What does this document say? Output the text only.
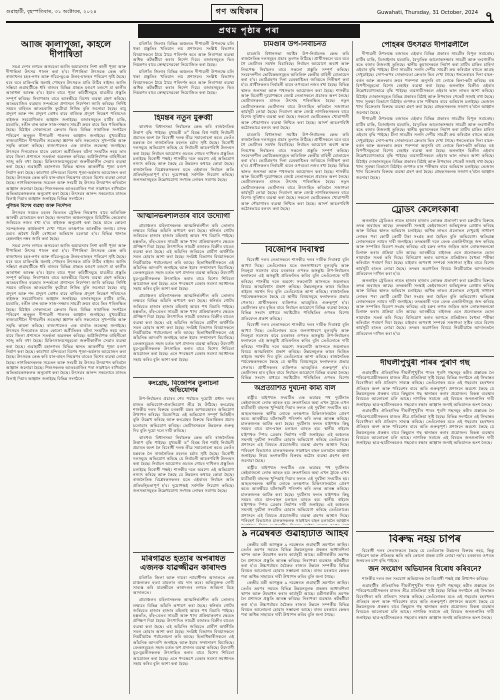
গুৱাহাটী, বৃহস্পতিবাৰ, ৩১ অক্টোবৰ, ২০২৪	গণ অধিকাৰ	Guwahati, Thursday, 31 October, 2024 ৭
প্ৰথম পৃষ্ঠাৰ পৰা

আজি কালীপূজা, কাইলৈ দীপান্বিতা

সমগ্ৰ দেশৰ লগতে অসমতো আজি অমাৱস্যাৰ নিশা কালী পূজা আৰু দীপান্বিতা উৎসৱ পালন কৰা হ'ব। দীপান্বিতা উৎসৱক কেন্দ্ৰ কৰি ৰাজ্যখনৰ চহৰ-নগৰ আৰু গাঁৱে-ভূঞে উলহ-মালহৰ পৰিৱেশ সৃষ্টি হৈছে। ঘৰে ঘৰে চাকি-বন্তি জ্বলাই পোহৰৰ উৎসৱত মাতি উঠিব ৰাইজ। আজি সন্ধিয়া গুৱাহাটীকে ধৰি ৰাজ্যৰ বিভিন্ন প্ৰান্তত মণ্ডপে মণ্ডপে মা কালীৰ আৰাধনা আৰম্ভ হ'ব। ইয়াৰ বাবে পূজা কমিটীসমূহে যাৱতীয় প্ৰস্তুতি সম্পূৰ্ণ কৰিছে। নিৰাপত্তাৰ বাবে আৰক্ষীয়ে বিশেষ ব্যৱস্থা গ্ৰহণ কৰিছে। আতচবাজিৰ ব্যৱহাৰ সন্দৰ্ভতো প্ৰশাসনে নিৰ্দেশনা জাৰি কৰিছে। নিৰ্দিষ্ট সময়ৰ বাহিৰত আতচবাজি ফুটোৱা নিষিদ্ধ বুলি জনোৱা হৈছে। বায়ু প্ৰদূষণ আৰু শব্দ প্ৰদূষণ ৰোধৰ বাবে ৰাজ্যিক প্ৰদূষণ নিয়ন্ত্ৰণ পৰিষদেও ৰাইজক সহযোগিতাৰ আহ্বান জনাইছে। বজাৰসমূহত মাটিৰ চাকি, মমবাতি, ৰঙীন বাল্ব আৰু সাজ-সজ্জাৰ সামগ্ৰী ক্ৰয়ৰ বাবে ভিৰ পৰিলক্ষিত হৈছে। মিঠাইৰ দোকানতো ক্ৰেতাৰ ভিৰ। বিভিন্ন সামাজিক সংগঠনে পৰিৱেশ অনুকূল দীপাৱলী পালনৰ আহ্বান জনাইছে। মুখ্যমন্ত্ৰীয়ে ৰাজ্যবাসীলৈ দীপাৱলীৰ শুভেচ্ছা জ্ঞাপন কৰি সকলোৰে সুখ-শান্তি আৰু সমৃদ্ধি কামনা কৰিছে। ৰাজ্যপালেও এক বাৰ্তাত শুভেচ্ছা জনাইছে। উৎসৱৰ দিনবোৰত যাতে কোনো অপ্ৰীতিকৰ ঘটনা সংঘটিত নহয় তাৰ বাবে জিলা প্ৰশাসনে সতৰ্কতা অৱলম্বন কৰিছে। অগ্নিনিৰ্বাপক বাহিনীকো সাজু কৰি ৰখা হৈছে। চিকিৎসালয়সমূহতো জৰুৰীকালীন সেৱাৰ ব্যৱস্থা কৰা হৈছে। গুৱাহাটী মহানগৰৰ বিভিন্ন স্থানত আকৰ্ষণীয় পূজা মণ্ডপ নিৰ্মাণ কৰা হৈছে। কামাখ্যা মন্দিৰতো বিশেষ পূজা-অৰ্চনাৰ আয়োজন কৰা হৈছে। উৎসৱক কেন্দ্ৰ কৰি যান-বাহন নিয়ন্ত্ৰণৰ বাবেও বিশেষ ব্যৱস্থা লোৱা হৈছে। নাগৰিকসকলক সচেতন আৰু সংযমী হৈ উৎসৱ উদযাপন কৰিবলৈ আহ্বান জনোৱা হৈছে। শিশুসকলক আতচবাজিৰ পৰা সাৱধানে ৰাখিবলৈ অভিভাৱকসকলক অনুৰোধ কৰা হৈছে। উৎসৱৰ আনন্দ সকলোৰে মাজত বিলাই দিয়াৰ আহ্বান জনাইছে বিভিন্ন সংগঠনে।

পুলিচৰ বিশেষ ব্যৱস্থা আৰু নিৰ্দেশনা

উৎসৱৰ সময়ত চহৰৰ ভিতৰত ট্ৰেফিক নিয়ন্ত্ৰণৰ বাবে অতিৰিক্ত আৰক্ষী মোতায়েন কৰা হৈছে। জনবহুল অঞ্চলসমূহত চিচিটিভি কেমেৰাৰ জৰিয়তে নজৰ ৰখা হ'ব। ৰাইজক অনুৰোধ কৰা হৈছে যাতে কোনো সন্দেহজনক কাৰ্যকলাপ দেখা পালে তৎক্ষণাত আৰক্ষীক জনায়। মাদক দ্ৰব্যৰ অবৈধ বিক্ৰী ৰোধতো অভিযান চলোৱা হ'ব। বিভিন্ন থানাত হেল্পলাইন নম্বৰ জাৰি কৰা হৈছে।

সমগ্ৰ দেশৰ লগতে অসমতো আজি অমাৱস্যাৰ নিশা কালী পূজা আৰু দীপান্বিতা উৎসৱ পালন কৰা হ'ব। দীপান্বিতা উৎসৱক কেন্দ্ৰ কৰি ৰাজ্যখনৰ চহৰ-নগৰ আৰু গাঁৱে-ভূঞে উলহ-মালহৰ পৰিৱেশ সৃষ্টি হৈছে। ঘৰে ঘৰে চাকি-বন্তি জ্বলাই পোহৰৰ উৎসৱত মাতি উঠিব ৰাইজ। আজি সন্ধিয়া গুৱাহাটীকে ধৰি ৰাজ্যৰ বিভিন্ন প্ৰান্তত মণ্ডপে মণ্ডপে মা কালীৰ আৰাধনা আৰম্ভ হ'ব। ইয়াৰ বাবে পূজা কমিটীসমূহে যাৱতীয় প্ৰস্তুতি সম্পূৰ্ণ কৰিছে। নিৰাপত্তাৰ বাবে আৰক্ষীয়ে বিশেষ ব্যৱস্থা গ্ৰহণ কৰিছে। আতচবাজিৰ ব্যৱহাৰ সন্দৰ্ভতো প্ৰশাসনে নিৰ্দেশনা জাৰি কৰিছে। নিৰ্দিষ্ট সময়ৰ বাহিৰত আতচবাজি ফুটোৱা নিষিদ্ধ বুলি জনোৱা হৈছে। বায়ু প্ৰদূষণ আৰু শব্দ প্ৰদূষণ ৰোধৰ বাবে ৰাজ্যিক প্ৰদূষণ নিয়ন্ত্ৰণ পৰিষদেও ৰাইজক সহযোগিতাৰ আহ্বান জনাইছে। বজাৰসমূহত মাটিৰ চাকি, মমবাতি, ৰঙীন বাল্ব আৰু সাজ-সজ্জাৰ সামগ্ৰী ক্ৰয়ৰ বাবে ভিৰ পৰিলক্ষিত হৈছে। মিঠাইৰ দোকানতো ক্ৰেতাৰ ভিৰ। বিভিন্ন সামাজিক সংগঠনে পৰিৱেশ অনুকূল দীপাৱলী পালনৰ আহ্বান জনাইছে। মুখ্যমন্ত্ৰীয়ে ৰাজ্যবাসীলৈ দীপাৱলীৰ শুভেচ্ছা জ্ঞাপন কৰি সকলোৰে সুখ-শান্তি আৰু সমৃদ্ধি কামনা কৰিছে। ৰাজ্যপালেও এক বাৰ্তাত শুভেচ্ছা জনাইছে। উৎসৱৰ দিনবোৰত যাতে কোনো অপ্ৰীতিকৰ ঘটনা সংঘটিত নহয় তাৰ বাবে জিলা প্ৰশাসনে সতৰ্কতা অৱলম্বন কৰিছে। অগ্নিনিৰ্বাপক বাহিনীকো সাজু কৰি ৰখা হৈছে। চিকিৎসালয়সমূহতো জৰুৰীকালীন সেৱাৰ ব্যৱস্থা কৰা হৈছে। গুৱাহাটী মহানগৰৰ বিভিন্ন স্থানত আকৰ্ষণীয় পূজা মণ্ডপ নিৰ্মাণ কৰা হৈছে। কামাখ্যা মন্দিৰতো বিশেষ পূজা-অৰ্চনাৰ আয়োজন কৰা হৈছে। উৎসৱক কেন্দ্ৰ কৰি যান-বাহন নিয়ন্ত্ৰণৰ বাবেও বিশেষ ব্যৱস্থা লোৱা হৈছে। নাগৰিকসকলক সচেতন আৰু সংযমী হৈ উৎসৱ উদযাপন কৰিবলৈ আহ্বান জনোৱা হৈছে। শিশুসকলক আতচবাজিৰ পৰা সাৱধানে ৰাখিবলৈ অভিভাৱকসকলক অনুৰোধ কৰা হৈছে। উৎসৱৰ আনন্দ সকলোৰে মাজত বিলাই দিয়াৰ আহ্বান জনাইছে বিভিন্ন সংগঠনে।

মৰিগাঁও জিলাৰ বিভিন্ন অঞ্চলত দীপাৱলী উপলক্ষে চলি থকা প্ৰস্তুতিৰ খতিয়ান লয় প্ৰশাসনে। সংশ্লিষ্ট বিভাগৰ বিষয়াসকলে ঠায়ে ঠায়ে পৰিদৰ্শন কৰে আৰু নিৰাপত্তা ব্যৱস্থা অধিক কটকটীয়া কৰাৰ নিৰ্দেশ দিয়ে। বজাৰসমূহত ভিৰ নিয়ন্ত্ৰণৰ বাবে স্বেচ্ছাসেৱকো নিয়োজিত কৰা হৈছে।

মৰিগাঁও জিলাৰ বিভিন্ন অঞ্চলত দীপাৱলী উপলক্ষে চলি থকা প্ৰস্তুতিৰ খতিয়ান লয় প্ৰশাসনে। সংশ্লিষ্ট বিভাগৰ বিষয়াসকলে ঠায়ে ঠায়ে পৰিদৰ্শন কৰে আৰু নিৰাপত্তা ব্যৱস্থা অধিক কটকটীয়া কৰাৰ নিৰ্দেশ দিয়ে। বজাৰসমূহত ভিৰ নিয়ন্ত্ৰণৰ বাবে স্বেচ্ছাসেৱকো নিয়োজিত কৰা হৈছে।

হিমন্তৰ নতুন মুৰুব্বী

ঝাৰখণ্ড বিধানসভা নিৰ্বাচনক কেন্দ্ৰ কৰি ৰাজনৈতিক উত্তাপ বৃদ্ধি পাইছে। মুখ্যমন্ত্ৰী ড° হিমন্ত বিশ্ব শৰ্মাই নিৰ্বাচনী প্ৰচাৰত অংশ লৈ বিৰোধী দলক তীব্ৰ সমালোচনা কৰে। তেওঁৰ মন্তব্যক লৈ ৰাজনৈতিক মহলত চৰ্চাৰ সৃষ্টি হৈছে। বিৰোধী দলসমূহে অভিযোগ কৰিছে যে নিৰ্বাচনী আচৰণবিধি উলংঘন কৰা হৈছে। নিৰ্বাচন আয়োগৰ ওচৰত গোচৰ দাখিলৰ প্ৰস্তুতিও চলাইছে বিৰোধী পক্ষই। শাসকীয় দলে অৱশ্যে এই অভিযোগ নস্যাৎ কৰিছে আৰু কৈছে যে উন্নয়নৰ কথাহে কোৱা হৈছে। ৰাজনৈতিক বিশ্লেষকসকলৰ মতে এইবাৰৰ নিৰ্বাচন অতি প্ৰতিদ্বন্দ্বিতাপূৰ্ণ হ'ব। দুয়োপক্ষই সৰ্বশক্তি নিয়োগ কৰিছে। জনসভাসমূহত উল্লেখযোগ্য সংখ্যক লোকৰ সমাগম হৈছে।

আত্মনিৰ্ভৰশীলতাৰ বাবে উদ্যোগী

গ্ৰামাঞ্চলৰ মহিলাসকলক আত্মনিৰ্ভৰশীল কৰি তোলাৰ লক্ষ্যৰে বিভিন্ন আঁচনি ৰূপায়ণ কৰা হৈছে। স্বনিৰ্ভৰ গোটৰ জৰিয়তে হাজাৰ হাজাৰ মহিলাই আয়ৰ পথ বিচাৰি পাইছে। হস্ততাঁত, বাঁহ-বেতৰ সামগ্ৰী আৰু খাদ্য প্ৰক্ৰিয়াকৰণৰ ক্ষেত্ৰত প্ৰশিক্ষণ দিয়া হৈছে। উৎপাদিত সামগ্ৰী বজাৰত বিক্ৰীৰ বাবেও ব্যৱস্থা কৰা হৈছে। এই আঁচনিৰ জৰিয়তে গ্ৰামীণ অৰ্থনীতি সবল হোৱাৰ আশা কৰা হৈছে। সংশ্লিষ্ট বিভাগৰ বিষয়াসকলে নিয়মীয়াকৈ পৰ্যালোচনা কৰি আছে। হিতাধিকাৰীসকলে এই আঁচনিক আদৰণি জনাইছে আৰু ইয়াৰ সম্প্ৰসাৰণ বিচাৰিছে। বেংকসমূহেও সহজ চৰ্তত ঋণ প্ৰদানৰ ব্যৱস্থা কৰিছে। উদ্যোগী যুৱ-যুৱতীসকলক উৎসাহিত কৰাৰ বাবে বিশেষ শিবিৰো আয়োজন কৰা হৈছে। এনে পদক্ষেপে বেকাৰ সমস্যা সমাধানত সহায় কৰিব বুলি আশা কৰা হৈছে।

গ্ৰামাঞ্চলৰ মহিলাসকলক আত্মনিৰ্ভৰশীল কৰি তোলাৰ লক্ষ্যৰে বিভিন্ন আঁচনি ৰূপায়ণ কৰা হৈছে। স্বনিৰ্ভৰ গোটৰ জৰিয়তে হাজাৰ হাজাৰ মহিলাই আয়ৰ পথ বিচাৰি পাইছে। হস্ততাঁত, বাঁহ-বেতৰ সামগ্ৰী আৰু খাদ্য প্ৰক্ৰিয়াকৰণৰ ক্ষেত্ৰত প্ৰশিক্ষণ দিয়া হৈছে। উৎপাদিত সামগ্ৰী বজাৰত বিক্ৰীৰ বাবেও ব্যৱস্থা কৰা হৈছে। এই আঁচনিৰ জৰিয়তে গ্ৰামীণ অৰ্থনীতি সবল হোৱাৰ আশা কৰা হৈছে। সংশ্লিষ্ট বিভাগৰ বিষয়াসকলে নিয়মীয়াকৈ পৰ্যালোচনা কৰি আছে। হিতাধিকাৰীসকলে এই আঁচনিক আদৰণি জনাইছে আৰু ইয়াৰ সম্প্ৰসাৰণ বিচাৰিছে। বেংকসমূহেও সহজ চৰ্তত ঋণ প্ৰদানৰ ব্যৱস্থা কৰিছে। উদ্যোগী যুৱ-যুৱতীসকলক উৎসাহিত কৰাৰ বাবে বিশেষ শিবিৰো আয়োজন কৰা হৈছে। এনে পদক্ষেপে বেকাৰ সমস্যা সমাধানত সহায় কৰিব বুলি আশা কৰা হৈছে।

কংগ্ৰেছ, বিজেপিৰ তুলাচনা অভিযোগৰ

উপ-নিৰ্বাচনৰ প্ৰচাৰৰ শেষ পৰ্যায়ত দুয়োটা প্ৰধান দলৰ মাজত অভিযোগ-প্ৰত্যভিযোগ তীব্ৰ হৈ উঠিছে। কংগ্ৰেছে শাসকীয় দলৰ বিৰুদ্ধে চৰকাৰী যন্ত্ৰৰ অপব্যৱহাৰৰ অভিযোগ উত্থাপন কৰিছে। বিজেপিয়ে এই অভিযোগ সম্পূৰ্ণ ভিত্তিহীন বুলি উল্লেখ কৰিছে আৰু কংগ্ৰেছৰ বিৰুদ্ধে বিভ্ৰান্তিকৰ প্ৰচাৰ চলোৱাৰ অভিযোগ কৰিছে। ভোটাৰসকলে উন্নয়নক গুৰুত্ব দিব বুলি দুয়ো দলে দাবী কৰিছে।

ঝাৰখণ্ড বিধানসভা নিৰ্বাচনক কেন্দ্ৰ কৰি ৰাজনৈতিক উত্তাপ বৃদ্ধি পাইছে। মুখ্যমন্ত্ৰী ড° হিমন্ত বিশ্ব শৰ্মাই নিৰ্বাচনী প্ৰচাৰত অংশ লৈ বিৰোধী দলক তীব্ৰ সমালোচনা কৰে। তেওঁৰ মন্তব্যক লৈ ৰাজনৈতিক মহলত চৰ্চাৰ সৃষ্টি হৈছে। বিৰোধী দলসমূহে অভিযোগ কৰিছে যে নিৰ্বাচনী আচৰণবিধি উলংঘন কৰা হৈছে। নিৰ্বাচন আয়োগৰ ওচৰত গোচৰ দাখিলৰ প্ৰস্তুতিও চলাইছে বিৰোধী পক্ষই। শাসকীয় দলে অৱশ্যে এই অভিযোগ নস্যাৎ কৰিছে আৰু কৈছে যে উন্নয়নৰ কথাহে কোৱা হৈছে। ৰাজনৈতিক বিশ্লেষকসকলৰ মতে এইবাৰৰ নিৰ্বাচন অতি প্ৰতিদ্বন্দ্বিতাপূৰ্ণ হ'ব। দুয়োপক্ষই সৰ্বশক্তি নিয়োগ কৰিছে। জনসভাসমূহত উল্লেখযোগ্য সংখ্যক লোকৰ সমাগম হৈছে।

মৰিগাঁৱত হত্যাৰ অপৰাধত এজনক যাৱজ্জীৱন কাৰাদণ্ড

মৰিগাঁও জিলা আৰু দায়ৰা ন্যায়াধীশৰ আদালতে এক চাঞ্চল্যকৰ হত্যা মামলাৰ ৰায় দান কৰে। অভিযুক্তক দোষী সাব্যস্ত কৰি যাৱজ্জীৱন কাৰাদণ্ডৰ লগতে জৰিমনা বিহে আদালতে।

গ্ৰামাঞ্চলৰ মহিলাসকলক আত্মনিৰ্ভৰশীল কৰি তোলাৰ লক্ষ্যৰে বিভিন্ন আঁচনি ৰূপায়ণ কৰা হৈছে। স্বনিৰ্ভৰ গোটৰ জৰিয়তে হাজাৰ হাজাৰ মহিলাই আয়ৰ পথ বিচাৰি পাইছে। হস্ততাঁত, বাঁহ-বেতৰ সামগ্ৰী আৰু খাদ্য প্ৰক্ৰিয়াকৰণৰ ক্ষেত্ৰত প্ৰশিক্ষণ দিয়া হৈছে। উৎপাদিত সামগ্ৰী বজাৰত বিক্ৰীৰ বাবেও ব্যৱস্থা কৰা হৈছে। এই আঁচনিৰ জৰিয়তে গ্ৰামীণ অৰ্থনীতি সবল হোৱাৰ আশা কৰা হৈছে। সংশ্লিষ্ট বিভাগৰ বিষয়াসকলে নিয়মীয়াকৈ পৰ্যালোচনা কৰি আছে। হিতাধিকাৰীসকলে এই আঁচনিক আদৰণি জনাইছে আৰু ইয়াৰ সম্প্ৰসাৰণ বিচাৰিছে। বেংকসমূহেও সহজ চৰ্তত ঋণ প্ৰদানৰ ব্যৱস্থা কৰিছে। উদ্যোগী যুৱ-যুৱতীসকলক উৎসাহিত কৰাৰ বাবে বিশেষ শিবিৰো আয়োজন কৰা হৈছে। এনে পদক্ষেপে বেকাৰ সমস্যা সমাধানত সহায় কৰিব বুলি আশা কৰা হৈছে।

চামগুৰি উপ-নিৰ্বাচনত

চামগুৰি বিধানসভা সমষ্টিৰ উপ-নিৰ্বাচনক কেন্দ্ৰ কৰি ৰাজনৈতিক দলসমূহৰ প্ৰচাৰ তুংগত উঠিছে। প্ৰাৰ্থীসকলে ঘৰে ঘৰে গৈ ভোটাৰৰ সমৰ্থন বিচাৰিছে। নিৰ্বাচন আয়োগে অবাধ আৰু নিৰপেক্ষ নিৰ্বাচনৰ বাবে সকলো প্ৰস্তুতি সম্পূৰ্ণ কৰিছে। সংবেদনশীল ভোটকেন্দ্ৰসমূহত অতিৰিক্ত কেন্দ্ৰীয় বাহিনী মোতায়েন কৰা হ'ব। ভোটগ্ৰহণৰ দিনা ৱেবকাষ্টিঙৰ জৰিয়তে নিৰীক্ষণ কৰা হ'ব। প্ৰাৰ্থীসকলৰ নিৰ্বাচনী ব্যয়ৰ ওপৰতো নজৰ ৰখা হৈছে। বিভিন্ন স্থানত জনসভা আৰু পথসভাৰ আয়োজন কৰা হৈছে। শাসকীয় আৰু বিৰোধী দুয়োপক্ষৰে জ্যেষ্ঠ নেতাসকলে প্ৰচাৰত অংশ লৈছে। ভোটাৰসকলৰ মাজত উৎসাহ পৰিলক্ষিত হৈছে। নতুন ভোটাৰসকলক ভোটদানৰ বাবে উৎসাহিত কৰিবলৈ সজাগতা কাৰ্যসূচী লোৱা হৈছে। দিব্যাংগ আৰু জ্যেষ্ঠ নাগৰিকসকলৰ বাবে বিশেষ সুবিধাৰ ব্যৱস্থা কৰা হৈছে। সকলো ভোটকেন্দ্ৰত খোৱাপানী আৰু শৌচাগাৰৰ ব্যৱস্থা নিশ্চিত কৰা হৈছে। আদৰ্শ আচৰণবিধি কঠোৰভাৱে বলবৎ কৰা হৈছে।

চামগুৰি বিধানসভা সমষ্টিৰ উপ-নিৰ্বাচনক কেন্দ্ৰ কৰি ৰাজনৈতিক দলসমূহৰ প্ৰচাৰ তুংগত উঠিছে। প্ৰাৰ্থীসকলে ঘৰে ঘৰে গৈ ভোটাৰৰ সমৰ্থন বিচাৰিছে। নিৰ্বাচন আয়োগে অবাধ আৰু নিৰপেক্ষ নিৰ্বাচনৰ বাবে সকলো প্ৰস্তুতি সম্পূৰ্ণ কৰিছে। সংবেদনশীল ভোটকেন্দ্ৰসমূহত অতিৰিক্ত কেন্দ্ৰীয় বাহিনী মোতায়েন কৰা হ'ব। ভোটগ্ৰহণৰ দিনা ৱেবকাষ্টিঙৰ জৰিয়তে নিৰীক্ষণ কৰা হ'ব। প্ৰাৰ্থীসকলৰ নিৰ্বাচনী ব্যয়ৰ ওপৰতো নজৰ ৰখা হৈছে। বিভিন্ন স্থানত জনসভা আৰু পথসভাৰ আয়োজন কৰা হৈছে। শাসকীয় আৰু বিৰোধী দুয়োপক্ষৰে জ্যেষ্ঠ নেতাসকলে প্ৰচাৰত অংশ লৈছে। ভোটাৰসকলৰ মাজত উৎসাহ পৰিলক্ষিত হৈছে। নতুন ভোটাৰসকলক ভোটদানৰ বাবে উৎসাহিত কৰিবলৈ সজাগতা কাৰ্যসূচী লোৱা হৈছে। দিব্যাংগ আৰু জ্যেষ্ঠ নাগৰিকসকলৰ বাবে বিশেষ সুবিধাৰ ব্যৱস্থা কৰা হৈছে। সকলো ভোটকেন্দ্ৰত খোৱাপানী আৰু শৌচাগাৰৰ ব্যৱস্থা নিশ্চিত কৰা হৈছে। আদৰ্শ আচৰণবিধি কঠোৰভাৱে বলবৎ কৰা হৈছে।

বিজেপিৰ দিবাস্বপ্ন

বিৰোধী দলৰ নেতাসকলে শাসকীয় দলৰ দাবীক দিবাস্বপ্ন বুলি আখ্যা দিছে। তেওঁলোকৰ মতে জনসাধাৰণে মূল্যবৃদ্ধি আৰু নিবনুৱা সমস্যাৰ বাবে চৰকাৰৰ ওপৰত অসন্তুষ্ট। উপ-নিৰ্বাচনৰ ফলাফলে এই অসন্তুষ্টি প্ৰতিফলিত কৰিব বুলি তেওঁলোকে দাবী কৰিছে। শাসকীয় দলে অৱশ্যে সকলোটা আসনতে জয়লাভৰ বিষয়ে আত্মবিশ্বাস প্ৰকাশ কৰিছে। উন্নয়নমূলক কামৰ ভিত্তিত ৰাইজে সমৰ্থন দিব বুলি তেওঁলোকে আশা কৰিছে। ৰাজনৈতিক পৰ্যবেক্ষকসকলে কৈছে যে স্থানীয় বিষয়সমূহে ফলাফলত প্ৰভাৱ পেলাব। প্ৰাৰ্থীসকলৰ ব্যক্তিগত ভাবমূৰ্তিও গুৰুত্বপূৰ্ণ হ'ব। ভোটদানৰ হাৰ বৃদ্ধিৰ বাবে নিৰ্বাচন আয়োগে বিভিন্ন ব্যৱস্থা লৈছে। বিভিন্ন সংবাদ মাধ্যমে সমষ্টিটোৰ পৰিস্থিতিৰ ওপৰত বিশেষ প্ৰতিবেদন প্ৰকাশ কৰিছে।

বিৰোধী দলৰ নেতাসকলে শাসকীয় দলৰ দাবীক দিবাস্বপ্ন বুলি আখ্যা দিছে। তেওঁলোকৰ মতে জনসাধাৰণে মূল্যবৃদ্ধি আৰু নিবনুৱা সমস্যাৰ বাবে চৰকাৰৰ ওপৰত অসন্তুষ্ট। উপ-নিৰ্বাচনৰ ফলাফলে এই অসন্তুষ্টি প্ৰতিফলিত কৰিব বুলি তেওঁলোকে দাবী কৰিছে। শাসকীয় দলে অৱশ্যে সকলোটা আসনতে জয়লাভৰ বিষয়ে আত্মবিশ্বাস প্ৰকাশ কৰিছে। উন্নয়নমূলক কামৰ ভিত্তিত ৰাইজে সমৰ্থন দিব বুলি তেওঁলোকে আশা কৰিছে। ৰাজনৈতিক পৰ্যবেক্ষকসকলে কৈছে যে স্থানীয় বিষয়সমূহে ফলাফলত প্ৰভাৱ পেলাব। প্ৰাৰ্থীসকলৰ ব্যক্তিগত ভাবমূৰ্তিও গুৰুত্বপূৰ্ণ হ'ব। ভোটদানৰ হাৰ বৃদ্ধিৰ বাবে নিৰ্বাচন আয়োগে বিভিন্ন ব্যৱস্থা লৈছে। বিভিন্ন সংবাদ মাধ্যমে সমষ্টিটোৰ পৰিস্থিতিৰ ওপৰত বিশেষ

অপ্ৰত্যাশিত দুৰ্ঘটনা কাম্য বলি

ৰাষ্ট্ৰীয় ঘাইপথত সংঘটিত এক ভয়াৱহ পথ দুৰ্ঘটনাত কেইবাজনো লোক আহত হয়। দ্ৰুতগতিৰে অহা এখন ট্ৰাকে এখন যাত্ৰীবাহী বাহনক খুন্দিয়াই দিয়াৰ ফলত এই দুৰ্ঘটনা সংঘটিত হয়। আহতসকলক স্থানীয় লোকে তৎক্ষণাত চিকিৎসালয়লৈ প্ৰেৰণ কৰে। আৰক্ষীয়ে ঘটনাস্থলী পৰিদৰ্শন কৰি তদন্ত আৰম্ভ কৰিছে। চালকজনক আটক কৰা হৈছে। দুৰ্ঘটনাৰ ফলত ঘাইপথত কিছু সময়ৰ বাবে যান-বাহন চলাচল ব্যাহত হয়। স্থানীয় ৰাইজে ঘাইপথত স্পিড ব্ৰেকাৰ নিৰ্মাণৰ দাবী জনাইছে। এই অঞ্চলত সঘনাই দুৰ্ঘটনা সংঘটিত হোৱাৰ অভিযোগ কৰিছে তেওঁলোকে। প্ৰশাসনে এই বিষয়ত প্ৰয়োজনীয় ব্যৱস্থা গ্ৰহণৰ আশ্বাস দিছে। পৰিবহণ বিভাগেও চালকসকলক সাৱধানে বাহন চলাবলৈ আহ্বান জনাইছে। নিয়ম ভংগকাৰীৰ বিৰুদ্ধে কঠোৰ ব্যৱস্থা গ্ৰহণৰ কথা জনোৱা হৈছে।

ৰাষ্ট্ৰীয় ঘাইপথত সংঘটিত এক ভয়াৱহ পথ দুৰ্ঘটনাত কেইবাজনো লোক আহত হয়। দ্ৰুতগতিৰে অহা এখন ট্ৰাকে এখন যাত্ৰীবাহী বাহনক খুন্দিয়াই দিয়াৰ ফলত এই দুৰ্ঘটনা সংঘটিত হয়। আহতসকলক স্থানীয় লোকে তৎক্ষণাত চিকিৎসালয়লৈ প্ৰেৰণ কৰে। আৰক্ষীয়ে ঘটনাস্থলী পৰিদৰ্শন কৰি তদন্ত আৰম্ভ কৰিছে। চালকজনক আটক কৰা হৈছে। দুৰ্ঘটনাৰ ফলত ঘাইপথত কিছু সময়ৰ বাবে যান-বাহন চলাচল ব্যাহত হয়। স্থানীয় ৰাইজে ঘাইপথত স্পিড ব্ৰেকাৰ নিৰ্মাণৰ দাবী জনাইছে। এই অঞ্চলত সঘনাই দুৰ্ঘটনা সংঘটিত হোৱাৰ অভিযোগ কৰিছে তেওঁলোকে। প্ৰশাসনে এই বিষয়ত প্ৰয়োজনীয় ব্যৱস্থা গ্ৰহণৰ আশ্বাস দিছে। পৰিবহণ বিভাগেও চালকসকলক সাৱধানে বাহন চলাবলৈ আহ্বান

৯ নৱেম্বৰত গুৱাহাটীত আহিব

কেন্দ্ৰীয় মন্ত্ৰী আগন্তুক ৯ নৱেম্বৰত গুৱাহাটী ভ্ৰমণলৈ আহিব। তেওঁৰ ভ্ৰমণৰ সময়ত বিভিন্ন উন্নয়নমূলক প্ৰকল্পৰ আধাৰশিলা স্থাপন আৰু উদ্বোধন কৰাৰ কাৰ্যসূচী আছে। মন্ত্ৰীগৰাকীৰ ভ্ৰমণক লৈ প্ৰশাসনে প্ৰস্তুতি আৰম্ভ কৰিছে। নিৰাপত্তা ব্যৱস্থাও কটকটীয়া কৰা হ'ব। উচ্চপৰ্যায়ৰ বৈঠকত ৰাজ্যৰ উন্নয়ন সম্পৰ্কীয় বিভিন্ন বিষয়ত আলোচনা হোৱাৰ সম্ভাৱনা আছে। ৰাজ্য চৰকাৰে কেন্দ্ৰৰ পৰা অধিক সাহায্যৰ দাবী উত্থাপন কৰিব বুলি জনা গৈছে।

কেন্দ্ৰীয় মন্ত্ৰী আগন্তুক ৯ নৱেম্বৰত গুৱাহাটী ভ্ৰমণলৈ আহিব। তেওঁৰ ভ্ৰমণৰ সময়ত বিভিন্ন উন্নয়নমূলক প্ৰকল্পৰ আধাৰশিলা স্থাপন আৰু উদ্বোধন কৰাৰ কাৰ্যসূচী আছে। মন্ত্ৰীগৰাকীৰ ভ্ৰমণক লৈ প্ৰশাসনে প্ৰস্তুতি আৰম্ভ কৰিছে। নিৰাপত্তা ব্যৱস্থাও কটকটীয়া কৰা হ'ব। উচ্চপৰ্যায়ৰ বৈঠকত ৰাজ্যৰ উন্নয়ন সম্পৰ্কীয় বিভিন্ন বিষয়ত আলোচনা হোৱাৰ সম্ভাৱনা আছে। ৰাজ্য চৰকাৰে কেন্দ্ৰৰ পৰা অধিক সাহায্যৰ দাবী উত্থাপন কৰিব বুলি জনা গৈছে।

পোহৰৰ উৎসৱত দীপাৱলীলৈ

দীপাৱলী উপলক্ষে বজাৰত এইবাৰ বিভিন্ন প্ৰকাৰৰ সামগ্ৰীৰ বিপুল সমাৰোহ। মাটিৰ চাকি, ডিজাইনাৰ মমবাতি, বৈদ্যুতিক আলোকসজ্জাৰ সামগ্ৰী আৰু ৰংগোলীৰ ৰঙে বজাৰ উজলাই তুলিছে। স্থানীয় কুমাৰসকলে নিৰ্মাণ কৰা মাটিৰ চাকিৰ চাহিদা এইবাৰ বৃদ্ধি পাইছে। চীনা সামগ্ৰীৰ সলনি দেশীয় সামগ্ৰী ক্ৰয় কৰিবলৈ বহুতে আগ্ৰহ দেখুৱাইছে। সোণ-ৰূপৰ দোকানতো ক্ৰেতাৰ ভিৰ দেখা গৈছে। ধনতেৰাচৰ দিনা বাচন-বৰ্তন আৰু অলংকাৰ ক্ৰয়ৰ পৰম্পৰা অনুসৰি বহু লোকে কিনা-কটা কৰিছে। বস্ত্ৰ বিপণীসমূহতো বিশেষ ৰেহাইৰ ব্যৱস্থা কৰা হৈছে। অনলাইন বিক্ৰীও এইবাৰ উল্লেখযোগ্যভাৱে বৃদ্ধি পাইছে। ব্যৱসায়ীসকলে এইবাৰ ভাল লাভৰ আশা কৰিছে। মিঠাইৰ দোকানসমূহত বিভিন্ন প্ৰকাৰৰ মিঠাই আৰু উপহাৰৰ পেকেট সজাই ৰখা হৈছে। খাদ্য সুৰক্ষা বিভাগে মিঠাইৰ গুণগত মান পৰীক্ষাৰ বাবে অভিযান চলাইছে। ভেজাল খাদ্য বিক্ৰেতাৰ বিৰুদ্ধে ব্যৱস্থা গ্ৰহণ কৰা হৈছে। গ্ৰাহকসকলক সজাগ হ'বলৈ আহ্বান জনোৱা হৈছে।

দীপাৱলী উপলক্ষে বজাৰত এইবাৰ বিভিন্ন প্ৰকাৰৰ সামগ্ৰীৰ বিপুল সমাৰোহ। মাটিৰ চাকি, ডিজাইনাৰ মমবাতি, বৈদ্যুতিক আলোকসজ্জাৰ সামগ্ৰী আৰু ৰংগোলীৰ ৰঙে বজাৰ উজলাই তুলিছে। স্থানীয় কুমাৰসকলে নিৰ্মাণ কৰা মাটিৰ চাকিৰ চাহিদা এইবাৰ বৃদ্ধি পাইছে। চীনা সামগ্ৰীৰ সলনি দেশীয় সামগ্ৰী ক্ৰয় কৰিবলৈ বহুতে আগ্ৰহ দেখুৱাইছে। সোণ-ৰূপৰ দোকানতো ক্ৰেতাৰ ভিৰ দেখা গৈছে। ধনতেৰাচৰ দিনা বাচন-বৰ্তন আৰু অলংকাৰ ক্ৰয়ৰ পৰম্পৰা অনুসৰি বহু লোকে কিনা-কটা কৰিছে। বস্ত্ৰ বিপণীসমূহতো বিশেষ ৰেহাইৰ ব্যৱস্থা কৰা হৈছে। অনলাইন বিক্ৰীও এইবাৰ উল্লেখযোগ্যভাৱে বৃদ্ধি পাইছে। ব্যৱসায়ীসকলে এইবাৰ ভাল লাভৰ আশা কৰিছে। মিঠাইৰ দোকানসমূহত বিভিন্ন প্ৰকাৰৰ মিঠাই আৰু উপহাৰৰ পেকেট সজাই ৰখা হৈছে। খাদ্য সুৰক্ষা বিভাগে মিঠাইৰ গুণগত মান পৰীক্ষাৰ বাবে অভিযান চলাইছে। ভেজাল খাদ্য বিক্ৰেতাৰ বিৰুদ্ধে ব্যৱস্থা গ্ৰহণ কৰা হৈছে। গ্ৰাহকসকলক সজাগ হ'বলৈ আহ্বান জনোৱা হৈছে।

ট্ৰেডিং কেলেংকাৰী

অনলাইন ট্ৰেডিঙৰ নামত হাজাৰ হাজাৰ লোকক প্ৰতাৰণা কৰা চক্ৰটোৰ বিৰুদ্ধে তদন্ত অব্যাহত আছে। তদন্তকাৰী সংস্থাই কেইবাজনো অভিযুক্তক গ্ৰেপ্তাৰ কৰিছে আৰু বিভিন্ন স্থানত অভিযান চলাইছে। অধিক লাভৰ প্ৰলোভন দেখুৱাই সাধাৰণ লোকৰ পৰা কোটি কোটি টকা সংগ্ৰহ কৰা হৈছিল বুলি অভিযোগ। ক্ষতিগ্ৰস্ত লোকসকলে ন্যায়ৰ দাবী জনাইছে। তদন্তকাৰী দলে বেংক একাউণ্টসমূহ জব্দ কৰিছে আৰু সম্পত্তিৰ বিৱৰণ সংগ্ৰহ কৰিছে। এই চক্ৰৰ লগত জড়িত আন লোকসকলকো চিনাক্ত কৰাৰ প্ৰক্ৰিয়া চলি আছে। আৰক্ষীয়ে ৰাইজক এনে প্ৰলোভনত ভোল নাযাবলৈ সতৰ্ক কৰি দিছে। বিনিয়োগ কৰাৰ আগতে প্ৰতিষ্ঠানৰ বৈধতা পৰীক্ষা কৰিবলৈ পৰামৰ্শ দিয়া হৈছে। চাইবাৰ অপৰাধ সম্পৰ্কে সজাগতা সৃষ্টিৰ বাবে বিশেষ কাৰ্যসূচী হাতত লোৱা হৈছে। তদন্তৰ অগ্ৰগতিৰ বিষয়ে নিয়মীয়াকৈ আদালতলৈ প্ৰতিবেদন দাখিল কৰা হ'ব।

অনলাইন ট্ৰেডিঙৰ নামত হাজাৰ হাজাৰ লোকক প্ৰতাৰণা কৰা চক্ৰটোৰ বিৰুদ্ধে তদন্ত অব্যাহত আছে। তদন্তকাৰী সংস্থাই কেইবাজনো অভিযুক্তক গ্ৰেপ্তাৰ কৰিছে আৰু বিভিন্ন স্থানত অভিযান চলাইছে। অধিক লাভৰ প্ৰলোভন দেখুৱাই সাধাৰণ লোকৰ পৰা কোটি কোটি টকা সংগ্ৰহ কৰা হৈছিল বুলি অভিযোগ। ক্ষতিগ্ৰস্ত লোকসকলে ন্যায়ৰ দাবী জনাইছে। তদন্তকাৰী দলে বেংক একাউণ্টসমূহ জব্দ কৰিছে আৰু সম্পত্তিৰ বিৱৰণ সংগ্ৰহ কৰিছে। এই চক্ৰৰ লগত জড়িত আন লোকসকলকো চিনাক্ত কৰাৰ প্ৰক্ৰিয়া চলি আছে। আৰক্ষীয়ে ৰাইজক এনে প্ৰলোভনত ভোল নাযাবলৈ সতৰ্ক কৰি দিছে। বিনিয়োগ কৰাৰ আগতে প্ৰতিষ্ঠানৰ বৈধতা পৰীক্ষা কৰিবলৈ পৰামৰ্শ দিয়া হৈছে। চাইবাৰ অপৰাধ সম্পৰ্কে সজাগতা সৃষ্টিৰ বাবে বিশেষ কাৰ্যসূচী হাতত লোৱা হৈছে। তদন্তৰ অগ্ৰগতিৰ বিষয়ে নিয়মীয়াকৈ আদালতলৈ প্ৰতিবেদন দাখিল কৰা হ'ব।

দীঘলীপুখুৰী পাৰৰ পুৰণি গছ

গুৱাহাটীৰ ঐতিহাসিক দীঘলীপুখুৰীৰ পাৰৰ পুৰণি গছসমূহ কটাৰ প্ৰস্তাৱক লৈ পৰিৱেশপ্ৰেমীসকলৰ মাজত তীব্ৰ প্ৰতিক্ৰিয়া সৃষ্টি হৈছে। বিভিন্ন সংগঠনে এই সিদ্ধান্তৰ বিৰোধিতা কৰি প্ৰতিবাদ সাব্যস্ত কৰিছে। তেওঁলোকৰ মতে এই গছবোৰ চহৰখনৰ ঐতিহ্যৰ অংশ আৰু পৰিৱেশৰ বাবে অতি গুৰুত্বপূৰ্ণ। প্ৰশাসনে অৱশ্যে কৈছে যে উন্নয়নমূলক প্ৰকল্পৰ বাবে কিছুমান গছ স্থানান্তৰ কৰাৰ প্ৰয়োজন। বিকল্প ব্যৱস্থাৰ বিষয়েও আলোচনা চলি আছে। নাগৰিক সমাজে এই বিষয়ত জনশুনানিৰ দাবী জনাইছে। ছাত্ৰ-ছাত্ৰীসকলেও গছবোৰ ৰক্ষাৰ আহ্বান জনাই অভিযানত অংশ লৈছে।

গুৱাহাটীৰ ঐতিহাসিক দীঘলীপুখুৰীৰ পাৰৰ পুৰণি গছসমূহ কটাৰ প্ৰস্তাৱক লৈ পৰিৱেশপ্ৰেমীসকলৰ মাজত তীব্ৰ প্ৰতিক্ৰিয়া সৃষ্টি হৈছে। বিভিন্ন সংগঠনে এই সিদ্ধান্তৰ বিৰোধিতা কৰি প্ৰতিবাদ সাব্যস্ত কৰিছে। তেওঁলোকৰ মতে এই গছবোৰ চহৰখনৰ ঐতিহ্যৰ অংশ আৰু পৰিৱেশৰ বাবে অতি গুৰুত্বপূৰ্ণ। প্ৰশাসনে অৱশ্যে কৈছে যে উন্নয়নমূলক প্ৰকল্পৰ বাবে কিছুমান গছ স্থানান্তৰ কৰাৰ প্ৰয়োজন। বিকল্প ব্যৱস্থাৰ বিষয়েও আলোচনা চলি আছে। নাগৰিক সমাজে এই বিষয়ত জনশুনানিৰ দাবী জনাইছে। ছাত্ৰ-ছাত্ৰীসকলেও গছবোৰ ৰক্ষাৰ আহ্বান জনাই অভিযানত অংশ লৈছে।

বিৰুদ্ধ নহয় চাপৰ

বিৰোধী দলৰ নেতাসকলে কৈছে যে তেওঁলোক উন্নয়নৰ বিৰুদ্ধে নহয়, কিন্তু পৰিৱেশ আৰু ঐতিহ্যক ক্ষতি কৰি কোনো প্ৰকল্প মানি লোৱা নহ'ব। চৰকাৰৰ ওপৰত জনমতৰ চাপ বৃদ্ধি পাইছে।

জন সংযোগ অভিযানৰ বিৰোধ কৰিবনে?

শাসকীয় দলৰ জন সংযোগ অভিযানক লৈ বিৰোধী পক্ষই প্ৰশ্ন উত্থাপন কৰিছে।

গুৱাহাটীৰ ঐতিহাসিক দীঘলীপুখুৰীৰ পাৰৰ পুৰণি গছসমূহ কটাৰ প্ৰস্তাৱক লৈ পৰিৱেশপ্ৰেমীসকলৰ মাজত তীব্ৰ প্ৰতিক্ৰিয়া সৃষ্টি হৈছে। বিভিন্ন সংগঠনে এই সিদ্ধান্তৰ বিৰোধিতা কৰি প্ৰতিবাদ সাব্যস্ত কৰিছে। তেওঁলোকৰ মতে এই গছবোৰ চহৰখনৰ ঐতিহ্যৰ অংশ আৰু পৰিৱেশৰ বাবে অতি গুৰুত্বপূৰ্ণ। প্ৰশাসনে অৱশ্যে কৈছে যে উন্নয়নমূলক প্ৰকল্পৰ বাবে কিছুমান গছ স্থানান্তৰ কৰাৰ প্ৰয়োজন। বিকল্প ব্যৱস্থাৰ বিষয়েও আলোচনা চলি আছে। নাগৰিক সমাজে এই বিষয়ত জনশুনানিৰ দাবী জনাইছে। ছাত্ৰ-ছাত্ৰীসকলেও গছবোৰ ৰক্ষাৰ আহ্বান জনাই অভিযানত অংশ লৈছে।
